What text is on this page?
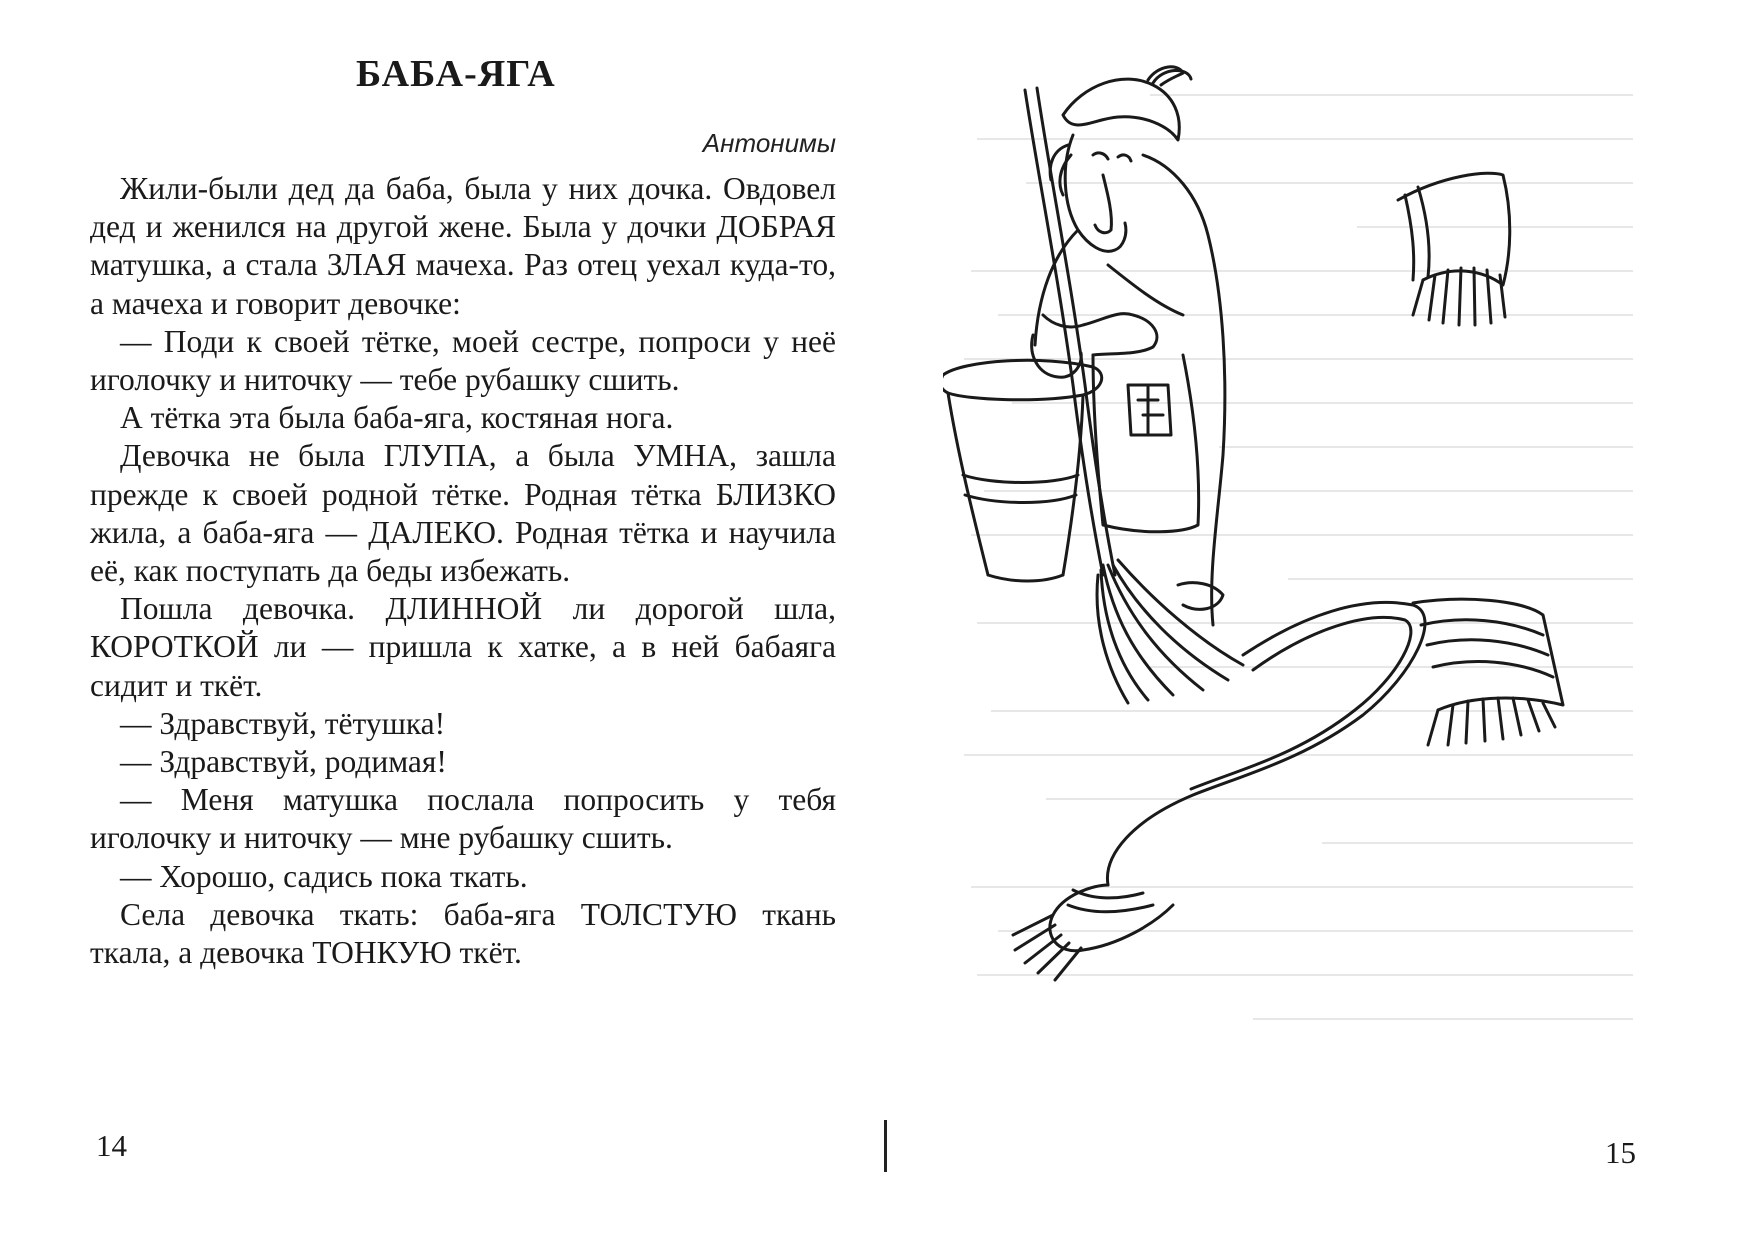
БАБА-ЯГА
Антонимы

Жили-были дед да баба, была у них дочка. Овдовел дед и женился на другой жене. Была у дочки ДОБРАЯ матушка, а стала ЗЛАЯ мачеха. Раз отец уехал куда-то, а мачеха и говорит девочке:

— Поди к своей тётке, моей сестре, попроси у неё иголочку и ниточку — тебе рубашку сшить.

А тётка эта была баба-яга, костяная нога.

Девочка не была ГЛУПА, а была УМНА, зашла прежде к своей родной тётке. Родная тётка БЛИЗКО жила, а баба-яга — ДАЛЕКО. Родная тётка и научила её, как поступать да беды избежать.

Пошла девочка. ДЛИННОЙ ли дорогой шла, КОРОТКОЙ ли — пришла к хатке, а в ней бабаяга сидит и ткёт.

— Здравствуй, тётушка!

— Здравствуй, родимая!

— Меня матушка послала попросить у тебя иголочку и ниточку — мне рубашку сшить.

— Хорошо, садись пока ткать.

Села девочка ткать: баба-яга ТОЛСТУЮ ткань ткала, а девочка ТОНКУЮ ткёт.

14	15
